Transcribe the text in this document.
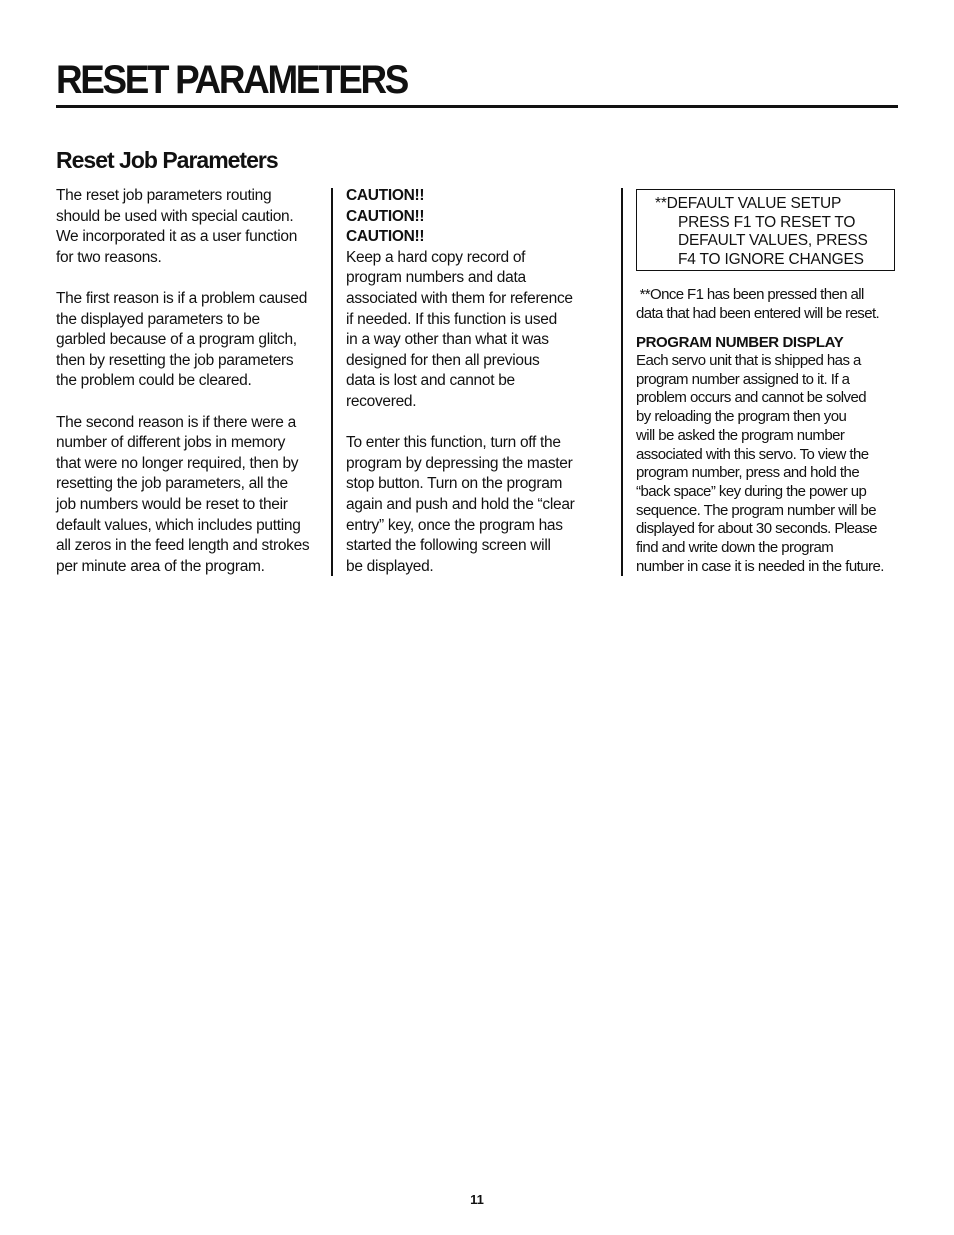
RESET PARAMETERS
Reset Job Parameters

The reset job parameters routing
should be used with special caution.
We incorporated it as a user function
for two reasons.

The first reason is if a problem caused
the displayed parameters to be
garbled because of a program glitch,
then by resetting the job parameters
the problem could be cleared.

The second reason is if there were a
number of different jobs in memory
that were no longer required, then by
resetting the job parameters, all the
job numbers would be reset to their
default values, which includes putting
all zeros in the feed length and strokes
per minute area of the program.

CAUTION!!
CAUTION!!
CAUTION!!

Keep a hard copy record of
program numbers and data
associated with them for reference
if needed. If this function is used
in a way other than what it was
designed for then all previous
data is lost and cannot be
recovered.

To enter this function, turn off the
program by depressing the master
stop button. Turn on the program
again and push and hold the “clear
entry” key, once the program has
started the following screen will
be displayed.

**DEFAULT VALUE SETUP
PRESS F1 TO RESET TO
DEFAULT VALUES, PRESS
F4 TO IGNORE CHANGES
**Once F1 has been pressed then all
data that had been entered will be reset.
PROGRAM NUMBER DISPLAY
Each servo unit that is shipped has a
program number assigned to it. If a
problem occurs and cannot be solved
by reloading the program then you
will be asked the program number
associated with this servo. To view the
program number, press and hold the
“back space” key during the power up
sequence. The program number will be
displayed for about 30 seconds. Please
find and write down the program
number in case it is needed in the future.
11
